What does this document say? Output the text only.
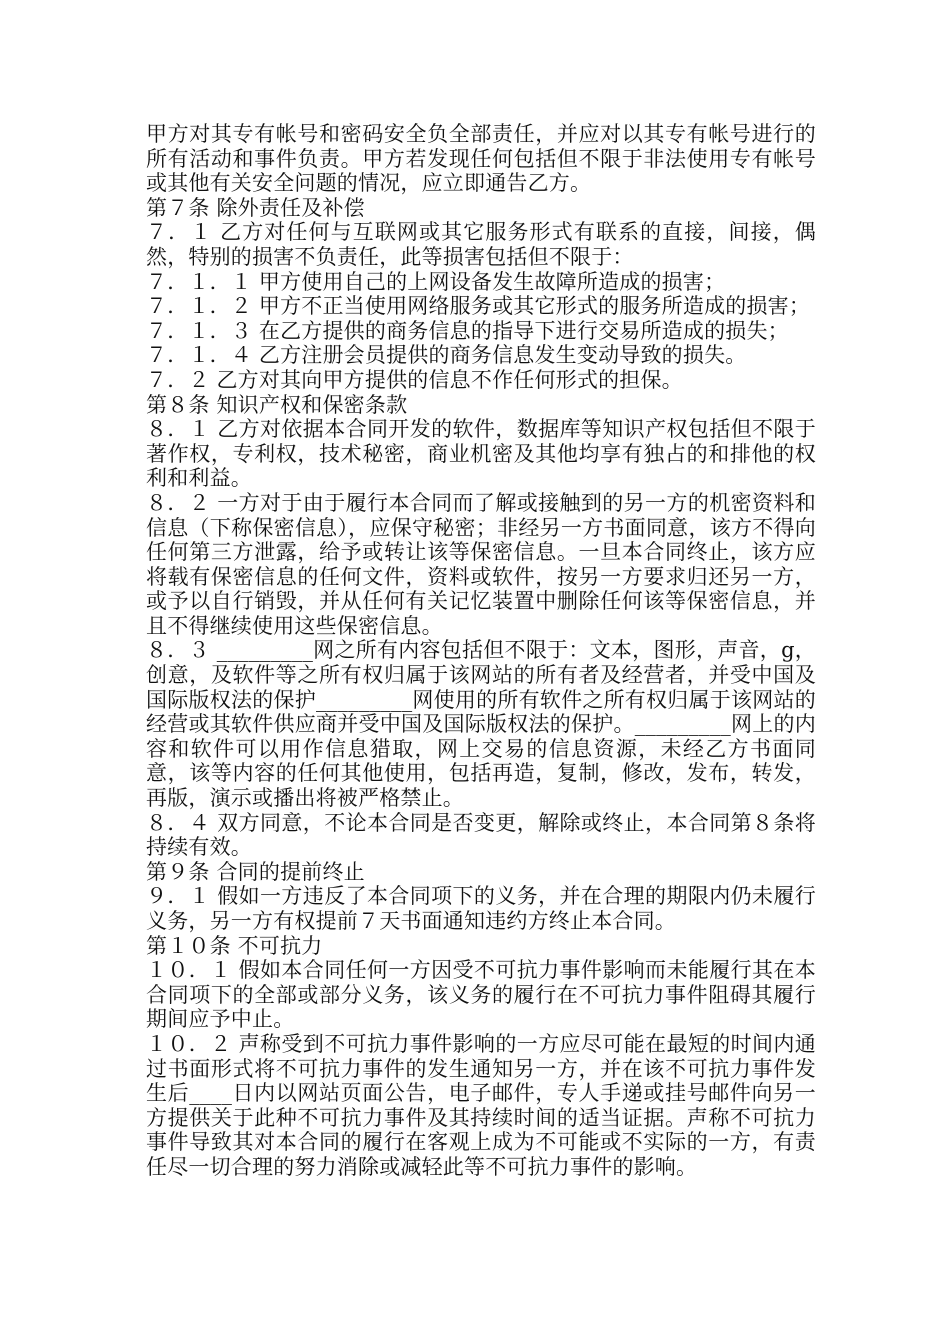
甲方对其专有帐号和密码安全负全部责任，并应对以其专有帐号进行的所有活动和事件负责。甲方若发现任何包括但不限于非法使用专有帐号或其他有关安全问题的情况，应立即通告乙方。

第７条 除外责任及补偿

７．１ 乙方对任何与互联网或其它服务形式有联系的直接，间接，偶然，特别的损害不负责任，此等损害包括但不限于：

７．１．１ 甲方使用自己的上网设备发生故障所造成的损害；

７．１．２ 甲方不正当使用网络服务或其它形式的服务所造成的损害；

７．１．３ 在乙方提供的商务信息的指导下进行交易所造成的损失；

７．１．４ 乙方注册会员提供的商务信息发生变动导致的损失。

７．２ 乙方对其向甲方提供的信息不作任何形式的担保。

第８条 知识产权和保密条款

８．１ 乙方对依据本合同开发的软件，数据库等知识产权包括但不限于著作权，专利权，技术秘密，商业机密及其他均享有独占的和排他的权利和利益。

８．２ 一方对于由于履行本合同而了解或接触到的另一方的机密资料和信息（下称保密信息），应保守秘密；非经另一方书面同意，该方不得向任何第三方泄露，给予或转让该等保密信息。一旦本合同终止，该方应将载有保密信息的任何文件，资料或软件，按另一方要求归还另一方，或予以自行销毁，并从任何有关记忆装置中删除任何该等保密信息，并且不得继续使用这些保密信息。

８．３ _________网之所有内容包括但不限于：文本，图形，声音，g，创意，及软件等之所有权归属于该网站的所有者及经营者，并受中国及国际版权法的保护_________网使用的所有软件之所有权归属于该网站的经营或其软件供应商并受中国及国际版权法的保护。_________网上的内容和软件可以用作信息猎取，网上交易的信息资源，未经乙方书面同意，该等内容的任何其他使用，包括再造，复制，修改，发布，转发，再版，演示或播出将被严格禁止。

８．４ 双方同意，不论本合同是否变更，解除或终止，本合同第８条将持续有效。

第９条 合同的提前终止

９．１ 假如一方违反了本合同项下的义务，并在合理的期限内仍未履行义务，另一方有权提前７天书面通知违约方终止本合同。

第１０条 不可抗力

１０．１ 假如本合同任何一方因受不可抗力事件影响而未能履行其在本合同项下的全部或部分义务，该义务的履行在不可抗力事件阻碍其履行期间应予中止。

１０．２ 声称受到不可抗力事件影响的一方应尽可能在最短的时间内通过书面形式将不可抗力事件的发生通知另一方，并在该不可抗力事件发生后____日内以网站页面公告，电子邮件，专人手递或挂号邮件向另一方提供关于此种不可抗力事件及其持续时间的适当证据。声称不可抗力事件导致其对本合同的履行在客观上成为不可能或不实际的一方，有责任尽一切合理的努力消除或减轻此等不可抗力事件的影响。
